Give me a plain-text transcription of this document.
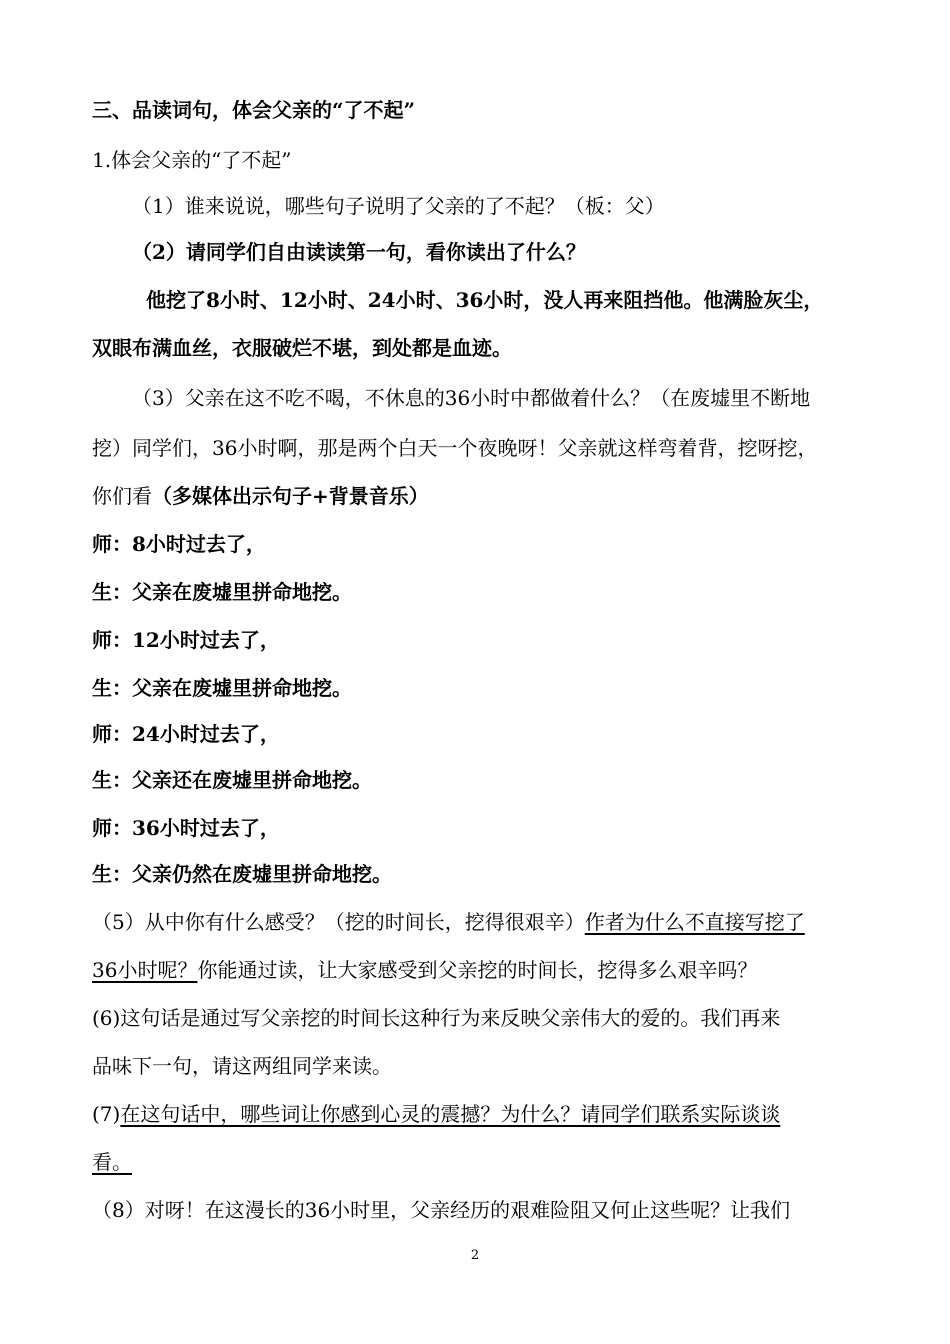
三、品读词句，体会父亲的“了不起”
1.体会父亲的“了不起”
（1）谁来说说，哪些句子说明了父亲的了不起？（板：父）
（2）请同学们自由读读第一句，看你读出了什么？
他挖了8小时、12小时、24小时、36小时，没人再来阻挡他。他满脸灰尘，
双眼布满血丝，衣服破烂不堪，到处都是血迹。
（3）父亲在这不吃不喝，不休息的36小时中都做着什么？（在废墟里不断地
挖）同学们，36小时啊，那是两个白天一个夜晚呀！父亲就这样弯着背，挖呀挖，
你们看（多媒体出示句子+背景音乐）
师：8小时过去了，
生：父亲在废墟里拼命地挖。
师：12小时过去了，
生：父亲在废墟里拼命地挖。
师：24小时过去了，
生：父亲还在废墟里拼命地挖。
师：36小时过去了，
生：父亲仍然在废墟里拼命地挖。
（5）从中你有什么感受？（挖的时间长，挖得很艰辛）作者为什么不直接写挖了
36小时呢？你能通过读，让大家感受到父亲挖的时间长，挖得多么艰辛吗？
(6)这句话是通过写父亲挖的时间长这种行为来反映父亲伟大的爱的。我们再来
品味下一句，请这两组同学来读。
(7)在这句话中，哪些词让你感到心灵的震撼？为什么？请同学们联系实际谈谈
看。
（8）对呀！在这漫长的36小时里，父亲经历的艰难险阻又何止这些呢？让我们
2
